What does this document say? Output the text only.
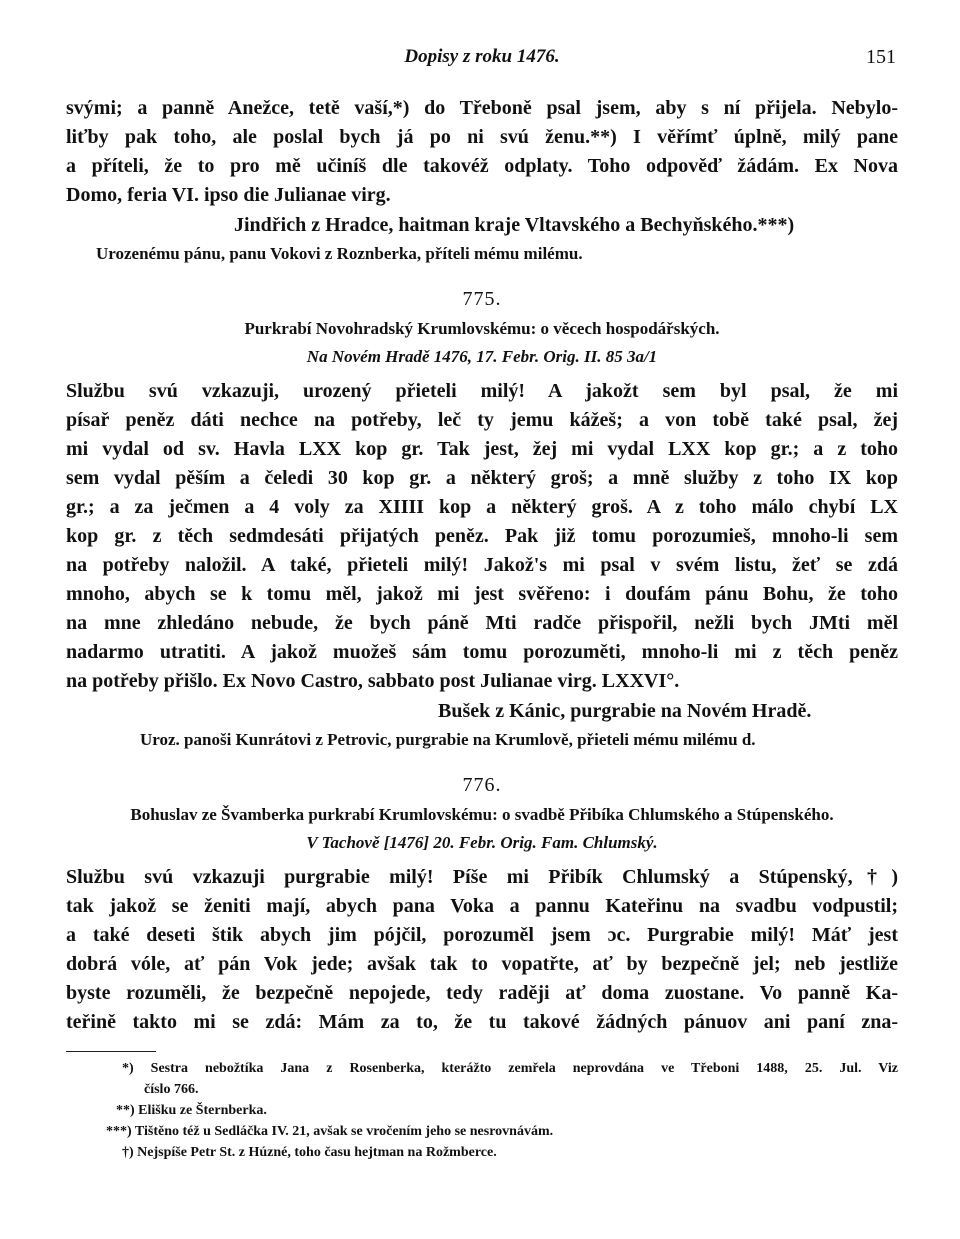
Dopisy z roku 1476.	151
svými; a panně Anežce, tetě vaší,*) do Třeboně psal jsem, aby s ní přijela. Nebylo-
liťby pak toho, ale poslal bych já po ni svú ženu.**) I věřímť úplně, milý pane
a příteli, že to pro mě učiníš dle takovéž odplaty. Toho odpověď žádám. Ex Nova
Domo, feria VI. ipso die Julianae virg.

Jindřich z Hradce, haitman kraje Vltavského a Bechyňského.***)

Urozenému pánu, panu Vokovi z Roznberka, příteli mému milému.

775.

Purkrabí Novohradský Krumlovskému: o věcech hospodářských.

Na Novém Hradě 1476, 17. Febr. Orig. II. 85 3a/1

Službu svú vzkazuji, urozený přieteli milý! A jakožt sem byl psal, že mi
písař peněz dáti nechce na potřeby, leč ty jemu kážeš; a von tobě také psal, žej
mi vydal od sv. Havla LXX kop gr. Tak jest, žej mi vydal LXX kop gr.; a z toho
sem vydal pěším a čeledi 30 kop gr. a některý groš; a mně služby z toho IX kop
gr.; a za ječmen a 4 voly za XIIII kop a některý groš. A z toho málo chybí LX
kop gr. z těch sedmdesáti přijatých peněz. Pak již tomu porozumieš, mnoho-li sem
na potřeby naložil. A také, přieteli milý! Jakož's mi psal v svém listu, žeť se zdá
mnoho, abych se k tomu měl, jakož mi jest svěřeno: i doufám pánu Bohu, že toho
na mne zhledáno nebude, že bych páně Mti radče přispořil, nežli bych JMti měl
nadarmo utratiti. A jakož muožeš sám tomu porozuměti, mnoho-li mi z těch peněz
na potřeby přišlo. Ex Novo Castro, sabbato post Julianae virg. LXXVI°.

Bušek z Kánic, purgrabie na Novém Hradě.

Uroz. panoši Kunrátovi z Petrovic, purgrabie na Krumlově, přieteli mému milému d.

776.

Bohuslav ze Švamberka purkrabí Krumlovskému: o svadbě Přibíka Chlumského a Stúpenského.

V Tachově [1476] 20. Febr. Orig. Fam. Chlumský.

Službu svú vzkazuji purgrabie milý! Píše mi Přibík Chlumský a Stúpenský,†)
tak jakož se ženiti mají, abych pana Voka a pannu Kateřinu na svadbu vodpustil;
a také deseti štik abych jim pójčil, porozuměl jsem ɔc. Purgrabie milý! Máť jest
dobrá vóle, ať pán Vok jede; avšak tak to vopatřte, ať by bezpečně jel; neb jestliže
byste rozuměli, že bezpečně nepojede, tedy raději ať doma zuostane. Vo panně Ka-
teřině takto mi se zdá: Mám za to, že tu takové žádných pánuov ani paní zna-
*) Sestra nebožtíka Jana z Rosenberka, kterážto zemřela neprovdána ve Třeboni 1488, 25. Jul. Viz
číslo 766.
**) Elišku ze Šternberka.
***) Tištěno též u Sedláčka IV. 21, avšak se vročením jeho se nesrovnávám.
†) Nejspíše Petr St. z Húzné, toho času hejtman na Rožmberce.
